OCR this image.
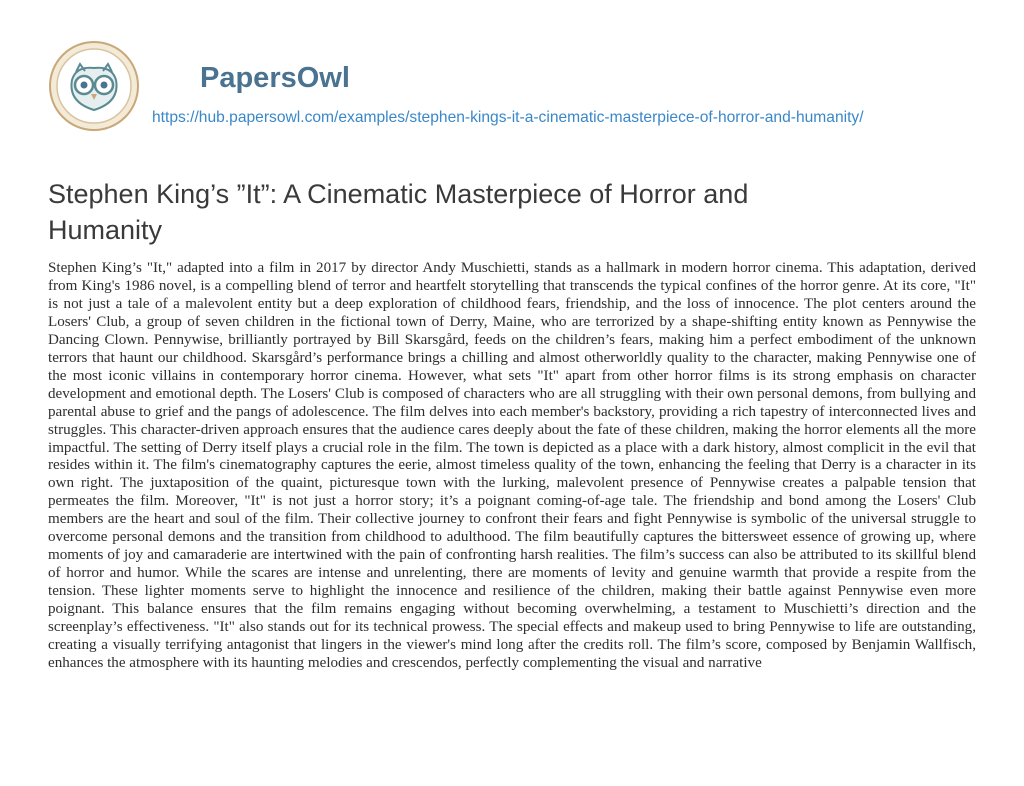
PapersOwl
https://hub.papersowl.com/examples/stephen-kings-it-a-cinematic-masterpiece-of-horror-and-humanity/
Stephen King’s ”It”: A Cinematic Masterpiece of Horror and Humanity

Stephen King’s "It," adapted into a film in 2017 by director Andy Muschietti, stands as a hallmark in modern horror cinema. This adaptation, derived from King's 1986 novel, is a compelling blend of terror and heartfelt storytelling that transcends the typical confines of the horror genre. At its core, "It" is not just a tale of a malevolent entity but a deep exploration of childhood fears, friendship, and the loss of innocence. The plot centers around the Losers' Club, a group of seven children in the fictional town of Derry, Maine, who are terrorized by a shape-shifting entity known as Pennywise the Dancing Clown. Pennywise, brilliantly portrayed by Bill Skarsgård, feeds on the children’s fears, making him a perfect embodiment of the unknown terrors that haunt our childhood. Skarsgård’s performance brings a chilling and almost otherworldly quality to the character, making Pennywise one of the most iconic villains in contemporary horror cinema. However, what sets "It" apart from other horror films is its strong emphasis on character development and emotional depth. The Losers' Club is composed of characters who are all struggling with their own personal demons, from bullying and parental abuse to grief and the pangs of adolescence. The film delves into each member's backstory, providing a rich tapestry of interconnected lives and struggles. This character-driven approach ensures that the audience cares deeply about the fate of these children, making the horror elements all the more impactful. The setting of Derry itself plays a crucial role in the film. The town is depicted as a place with a dark history, almost complicit in the evil that resides within it. The film's cinematography captures the eerie, almost timeless quality of the town, enhancing the feeling that Derry is a character in its own right. The juxtaposition of the quaint, picturesque town with the lurking, malevolent presence of Pennywise creates a palpable tension that permeates the film. Moreover, "It" is not just a horror story; it’s a poignant coming-of-age tale. The friendship and bond among the Losers' Club members are the heart and soul of the film. Their collective journey to confront their fears and fight Pennywise is symbolic of the universal struggle to overcome personal demons and the transition from childhood to adulthood. The film beautifully captures the bittersweet essence of growing up, where moments of joy and camaraderie are intertwined with the pain of confronting harsh realities. The film’s success can also be attributed to its skillful blend of horror and humor. While the scares are intense and unrelenting, there are moments of levity and genuine warmth that provide a respite from the tension. These lighter moments serve to highlight the innocence and resilience of the children, making their battle against Pennywise even more poignant. This balance ensures that the film remains engaging without becoming overwhelming, a testament to Muschietti’s direction and the screenplay’s effectiveness. "It" also stands out for its technical prowess. The special effects and makeup used to bring Pennywise to life are outstanding, creating a visually terrifying antagonist that lingers in the viewer's mind long after the credits roll. The film’s score, composed by Benjamin Wallfisch, enhances the atmosphere with its haunting melodies and crescendos, perfectly complementing the visual and narrative
